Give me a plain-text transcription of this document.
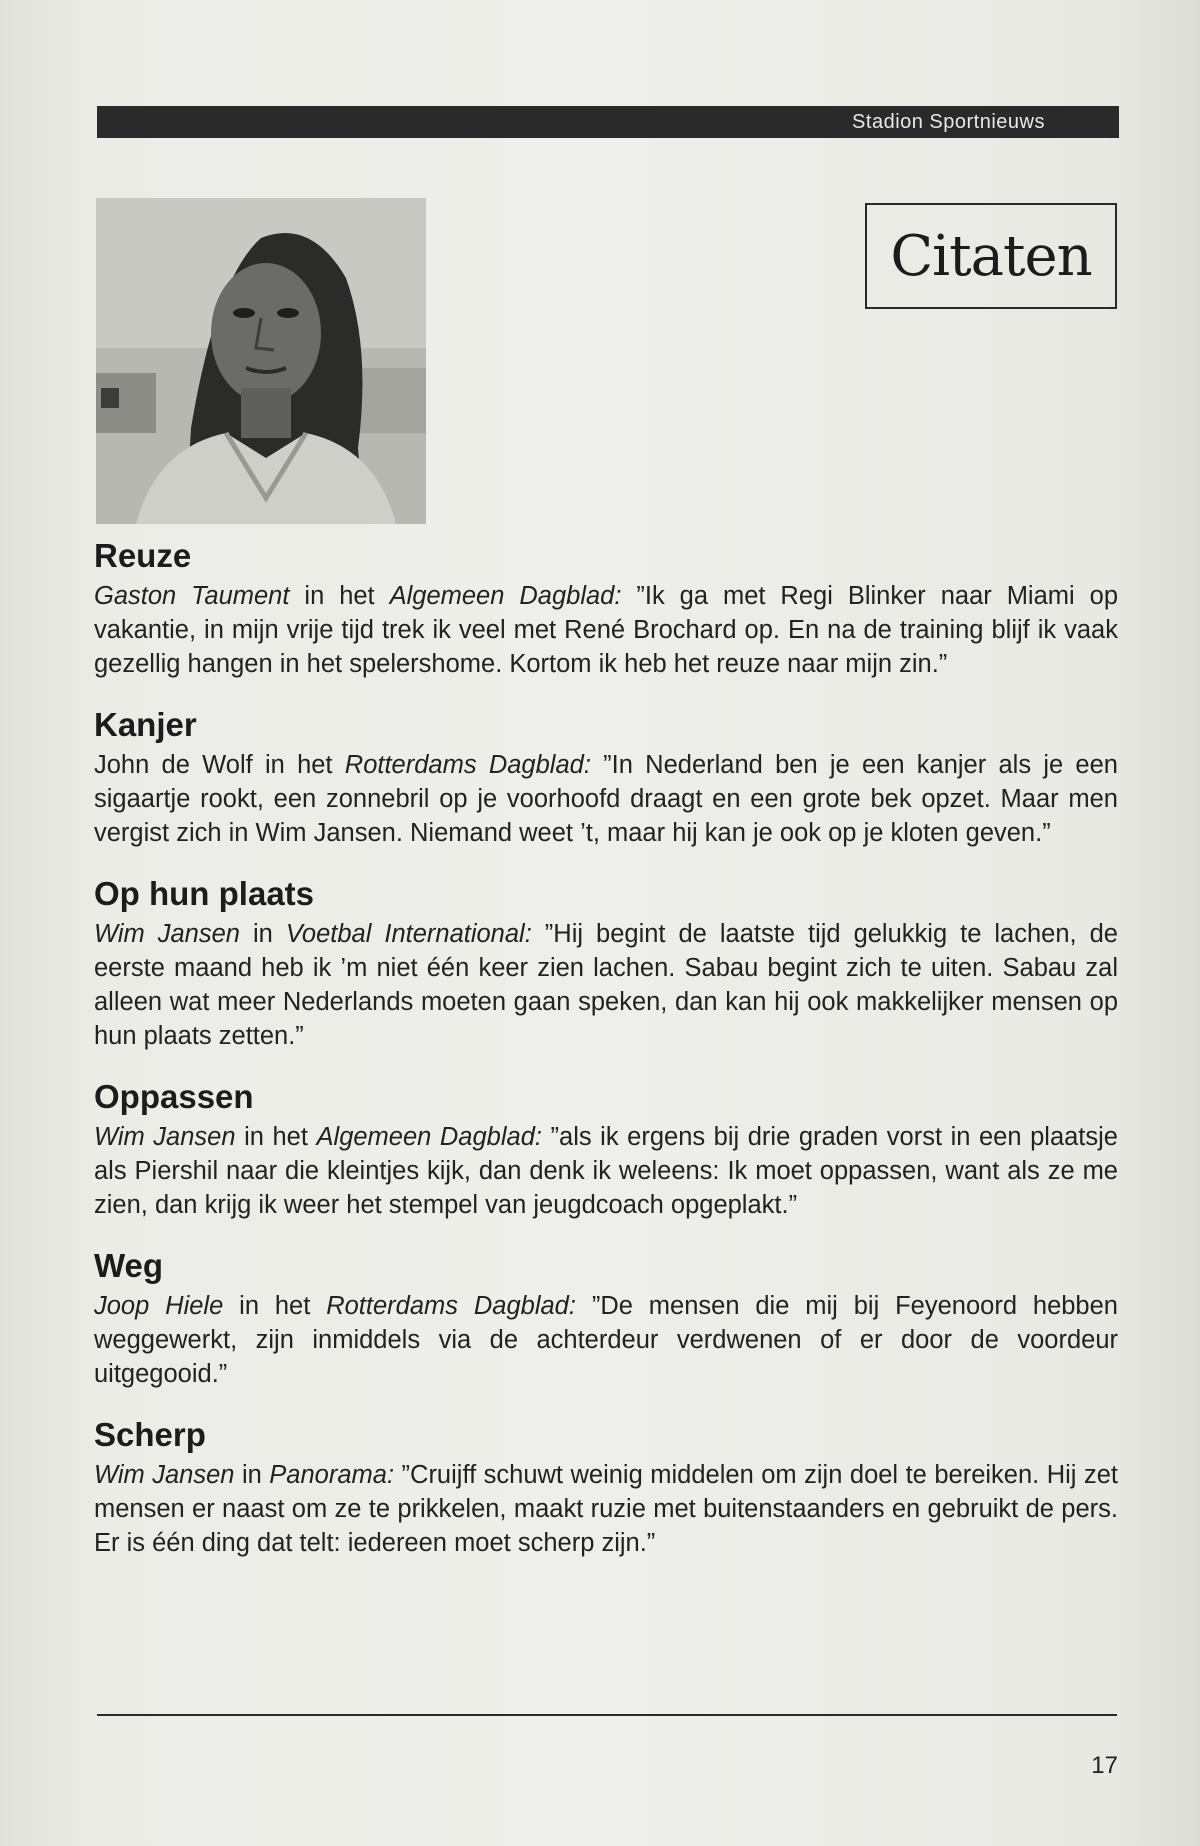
Stadion Sportnieuws
Citaten
Reuze

Gaston Taument in het Algemeen Dagblad: ”Ik ga met Regi Blinker naar Miami op vakantie, in mijn vrije tijd trek ik veel met René Brochard op. En na de training blijf ik vaak gezellig hangen in het spelershome. Kortom ik heb het reuze naar mijn zin.”

Kanjer

John de Wolf in het Rotterdams Dagblad: ”In Nederland ben je een kanjer als je een sigaartje rookt, een zonnebril op je voorhoofd draagt en een grote bek opzet. Maar men vergist zich in Wim Jansen. Niemand weet ’t, maar hij kan je ook op je kloten geven.”

Op hun plaats

Wim Jansen in Voetbal International: ”Hij begint de laatste tijd gelukkig te lachen, de eerste maand heb ik ’m niet één keer zien lachen. Sabau begint zich te uiten. Sabau zal alleen wat meer Nederlands moeten gaan speken, dan kan hij ook makkelijker mensen op hun plaats zetten.”

Oppassen

Wim Jansen in het Algemeen Dagblad: ”als ik ergens bij drie graden vorst in een plaatsje als Piershil naar die kleintjes kijk, dan denk ik weleens: Ik moet oppassen, want als ze me zien, dan krijg ik weer het stempel van jeugdcoach opgeplakt.”

Weg

Joop Hiele in het Rotterdams Dagblad: ”De mensen die mij bij Feyenoord hebben weggewerkt, zijn inmiddels via de achterdeur verdwenen of er door de voordeur uitgegooid.”

Scherp

Wim Jansen in Panorama: ”Cruijff schuwt weinig middelen om zijn doel te bereiken. Hij zet mensen er naast om ze te prikkelen, maakt ruzie met buitenstaanders en gebruikt de pers. Er is één ding dat telt: iedereen moet scherp zijn.”

17
